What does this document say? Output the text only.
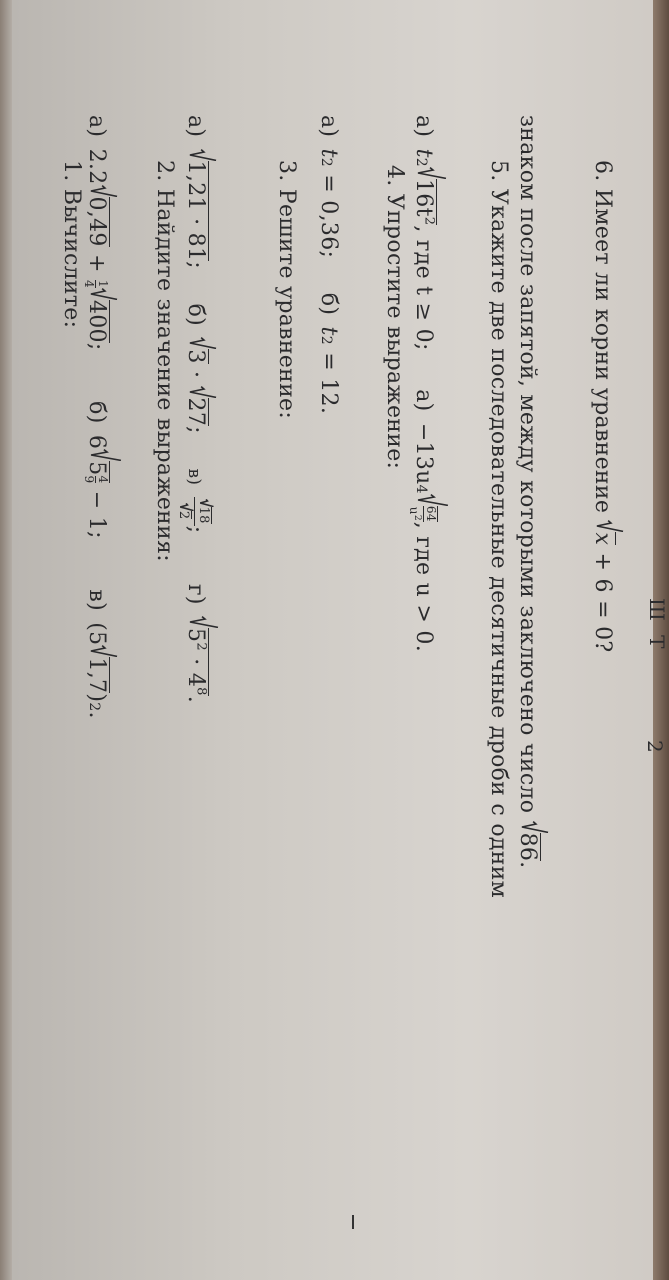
1. Вычислите:
а) 2.20,49 +
1
4
400;  б) 65
4
9
− 1;  в) (51,7)2.
2. Найдите значение выражения:
а) 1,21 · 81;  б) 3 · 27;  в)
18
2
;  г) $5^2 \cdot 4^8$.
3. Решите уравнение:
а) t2 = 0,36;  б) t2 = 12. 4. Упростите выражение:
а) $t216t^2$, где t ≥ 0;  а) −13u4
64
$u^2$
, где u > 0.	5. Укажите две последовательные десятичные дроби с одним знаком после запятой, между которыми заключено число 86.
6. Имеет ли корни уравнение x + 6 = 0?
2
Ш Т
